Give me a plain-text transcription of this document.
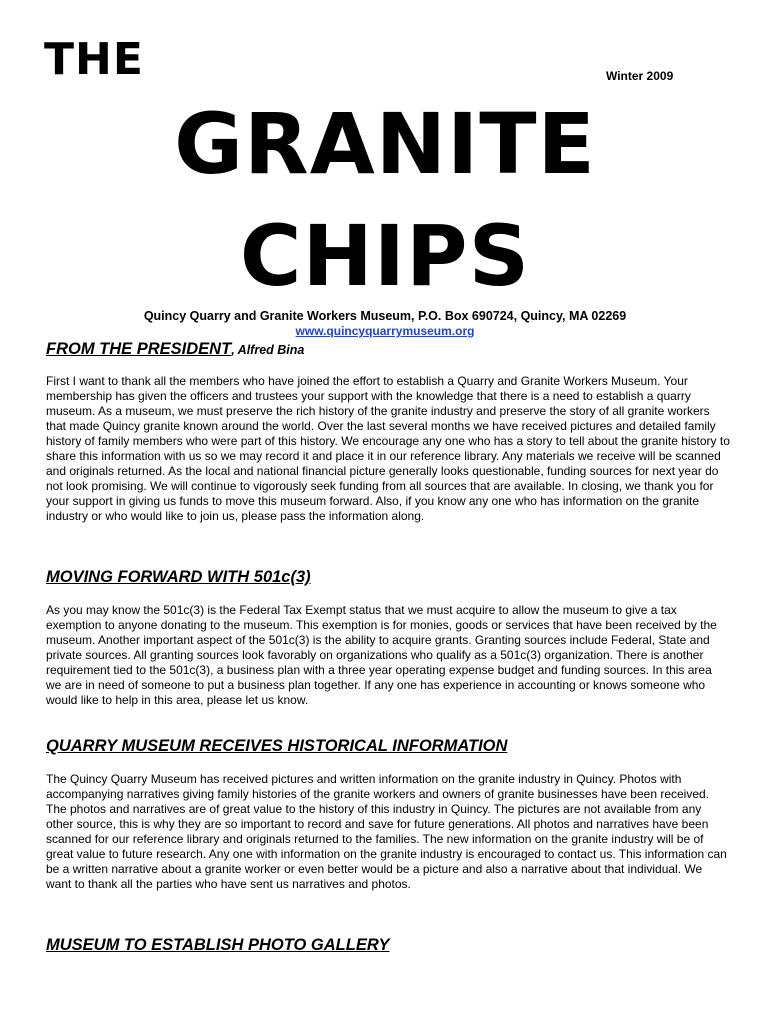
THE	Winter 2009
GRANITE
CHIPS
Quincy Quarry and Granite Workers Museum, P.O. Box 690724, Quincy, MA 02269
www.quincyquarrymuseum.org
FROM THE PRESIDENT, Alfred Bina
First I want to thank all the members who have joined the effort to establish a Quarry and Granite Workers Museum. Your membership has given the officers and trustees your support with the knowledge that there is a need to establish a quarry museum. As a museum, we must preserve the rich history of the granite industry and preserve the story of all granite workers that made Quincy granite known around the world. Over the last several months we have received pictures and detailed family history of family members who were part of this history. We encourage any one who has a story to tell about the granite history to share this information with us so we may record it and place it in our reference library. Any materials we receive will be scanned and originals returned. As the local and national financial picture generally looks questionable, funding sources for next year do not look promising. We will continue to vigorously seek funding from all sources that are available. In closing, we thank you for your support in giving us funds to move this museum forward. Also, if you know any one who has information on the granite industry or who would like to join us, please pass the information along.
MOVING FORWARD WITH 501c(3)
As you may know the 501c(3) is the Federal Tax Exempt status that we must acquire to allow the museum to give a tax exemption to anyone donating to the museum. This exemption is for monies, goods or services that have been received by the museum. Another important aspect of the 501c(3) is the ability to acquire grants. Granting sources include Federal, State and private sources. All granting sources look favorably on organizations who qualify as a 501c(3) organization. There is another requirement tied to the 501c(3), a business plan with a three year operating expense budget and funding sources. In this area we are in need of someone to put a business plan together. If any one has experience in accounting or knows someone who would like to help in this area, please let us know.
QUARRY MUSEUM RECEIVES HISTORICAL INFORMATION
The Quincy Quarry Museum has received pictures and written information on the granite industry in Quincy. Photos with accompanying narratives giving family histories of the granite workers and owners of granite businesses have been received. The photos and narratives are of great value to the history of this industry in Quincy. The pictures are not available from any other source, this is why they are so important to record and save for future generations. All photos and narratives have been scanned for our reference library and originals returned to the families. The new information on the granite industry will be of great value to future research. Any one with information on the granite industry is encouraged to contact us. This information can be a written narrative about a granite worker or even better would be a picture and also a narrative about that individual. We want to thank all the parties who have sent us narratives and photos.
MUSEUM TO ESTABLISH PHOTO GALLERY
